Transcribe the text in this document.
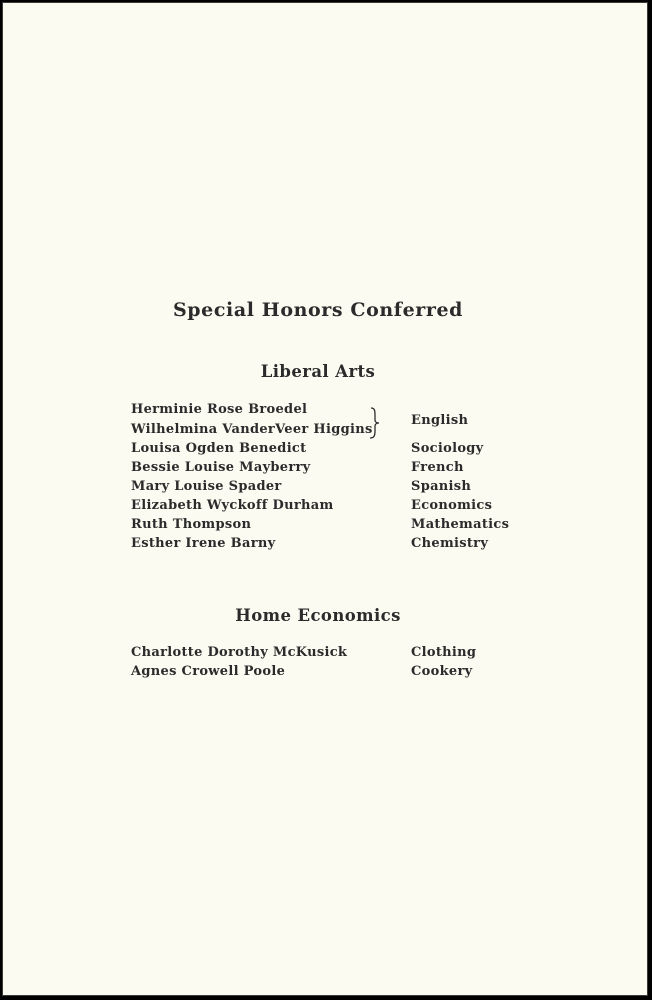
Special Honors Conferred
Liberal Arts
Herminie Rose Broedel
Wilhelmina VanderVeer Higgins
English
Louisa Ogden Benedict	Sociology
Bessie Louise Mayberry	French
Mary Louise Spader	Spanish
Elizabeth Wyckoff Durham	Economics
Ruth Thompson	Mathematics
Esther Irene Barny	Chemistry
Home Economics
Charlotte Dorothy McKusick	Clothing
Agnes Crowell Poole	Cookery
